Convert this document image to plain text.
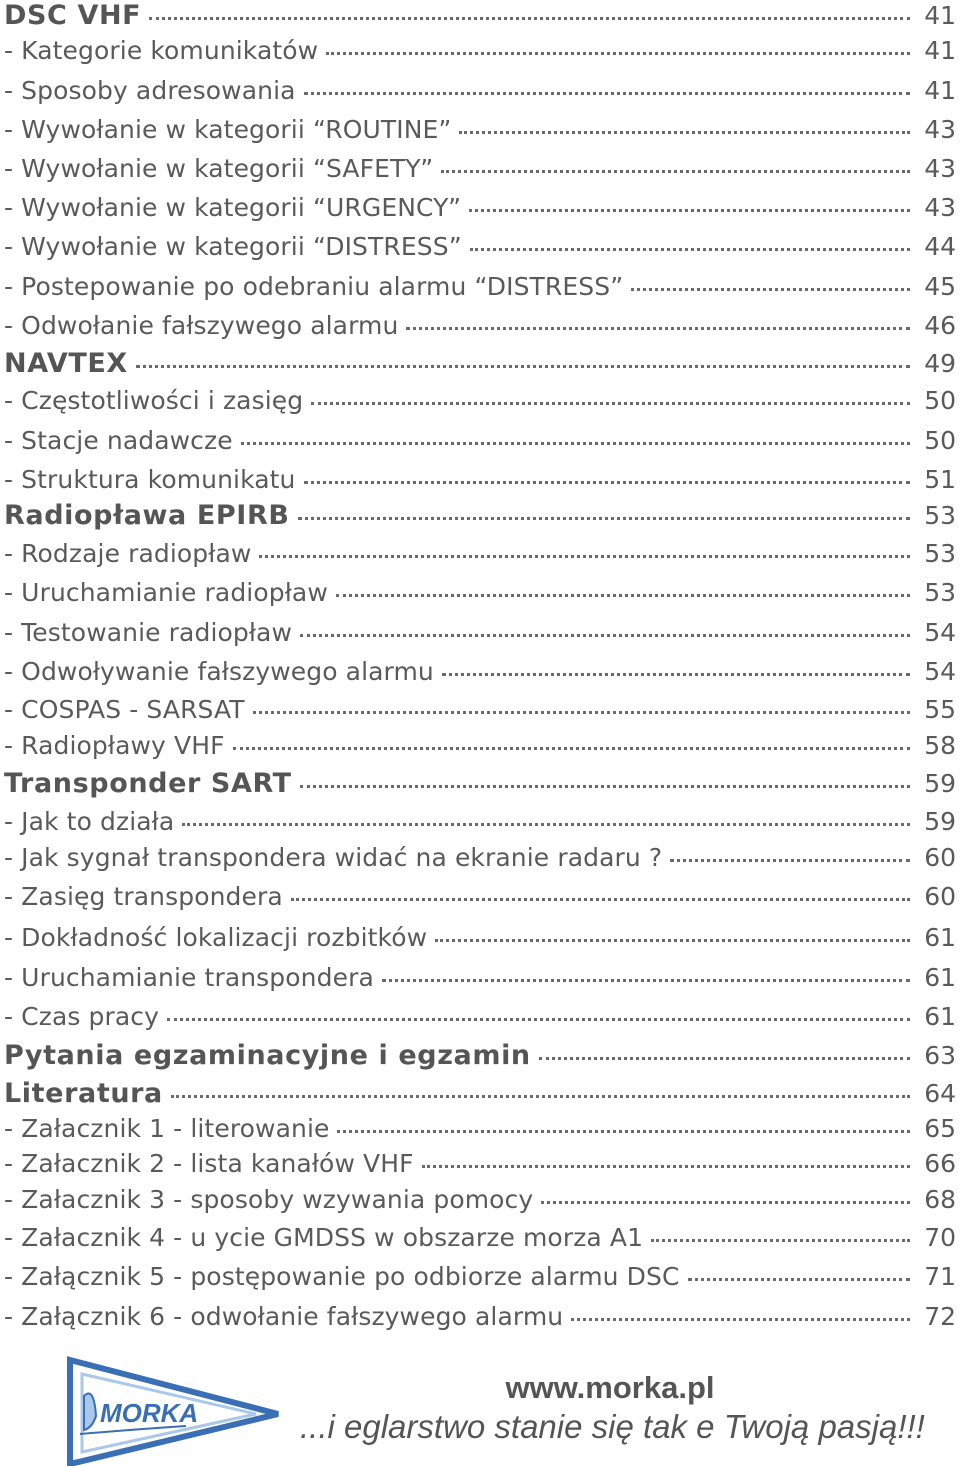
DSC VHF	41
- Kategorie komunikatów	41
- Sposoby adresowania	41
- Wywołanie w kategorii “ROUTINE”	43
- Wywołanie w kategorii “SAFETY”	43
- Wywołanie w kategorii “URGENCY”	43
- Wywołanie w kategorii “DISTRESS”	44
- Postepowanie po odebraniu alarmu “DISTRESS”	45
- Odwołanie fałszywego alarmu	46
NAVTEX	49
- Częstotliwości i zasięg	50
- Stacje nadawcze	50
- Struktura komunikatu	51
Radiopława EPIRB	53
- Rodzaje radiopław	53
- Uruchamianie radiopław	53
- Testowanie radiopław	54
- Odwoływanie fałszywego alarmu	54
- COSPAS - SARSAT	55
- Radiopławy VHF	58
Transponder SART	59
- Jak to działa	59
- Jak sygnał transpondera widać na ekranie radaru ?	60
- Zasięg transpondera	60
- Dokładność lokalizacji rozbitków	61
- Uruchamianie transpondera	61
- Czas pracy	61
Pytania egzaminacyjne i egzamin	63
Literatura	64
- Załacznik 1 - literowanie	65
- Załacznik 2 - lista kanałów VHF	66
- Załacznik 3 - sposoby wzywania pomocy	68
- Załacznik 4 - u ycie GMDSS w obszarze morza A1	70
- Załącznik 5 - postępowanie po odbiorze alarmu DSC	71
- Załącznik 6 - odwołanie fałszywego alarmu	72
MORKA
www.morka.pl
...i eglarstwo stanie się tak e Twoją pasją!!!
